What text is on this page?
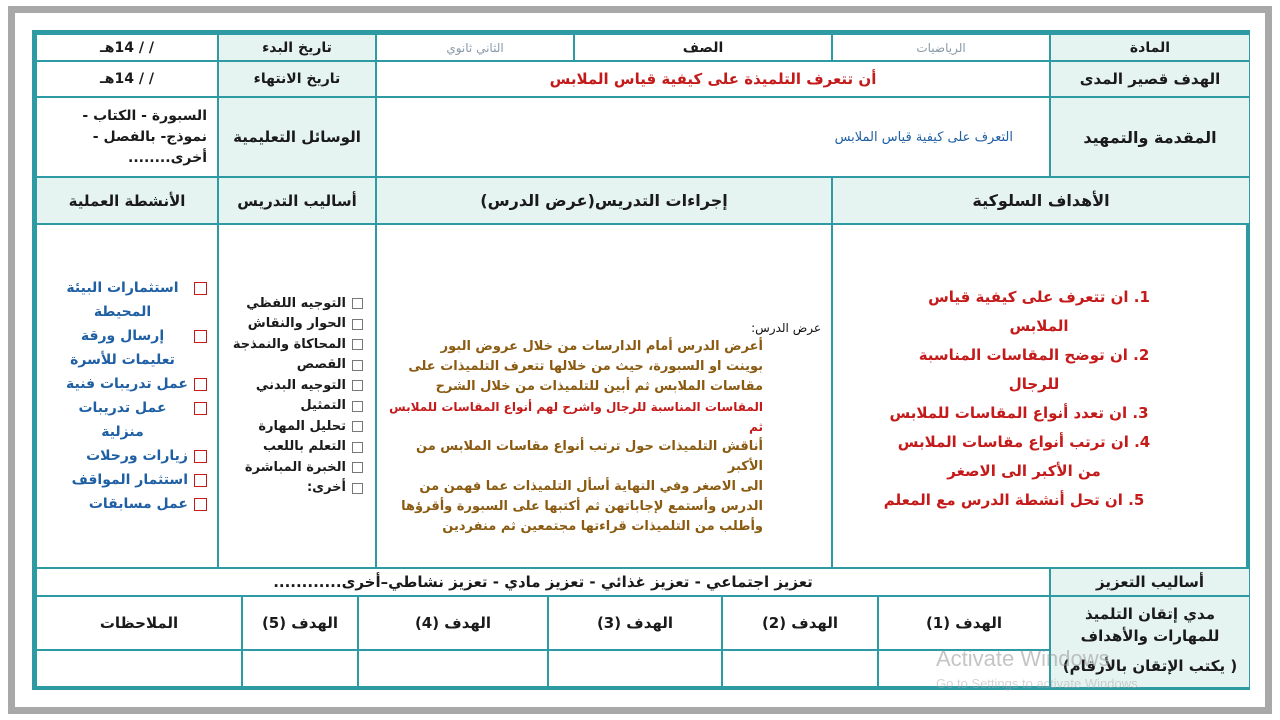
المادة
الرياضيات
الصف
الثاني ثانوي
تاريخ البدء
/ / 14هـ
الهدف قصير المدى
أن تتعرف التلميذة على كيفية قياس الملابس
تاريخ الانتهاء
/ / 14هـ
المقدمة والتمهيد
التعرف على كيفية قياس الملابس
الوسائل التعليمية
السبورة - الكتاب - نموذج- بالفصل - أخرى........
الأهداف السلوكية
إجراءات التدريس(عرض الدرس)
أساليب التدريس
الأنشطة العملية
1. ان تتعرف على كيفية قياس الملابس
2. ان توضح المقاسات المناسبة للرجال
3. ان تعدد أنواع المقاسات للملابس
4. ان ترتب أنواع مقاسات الملابس من الأكبر الى الاصغر
5. ان تحل أنشطة الدرس مع المعلم
عرض الدرس:
أعرض الدرس أمام الدارسات من خلال عروض البور
بوينت او السبورة، حيث من خلالها تتعرف التلميذات على
مقاسات الملابس ثم أبين للتلميذات من خلال الشرح
المقاسات المناسبة للرجال واشرح لهم أنواع المقاسات للملابس ثم
أناقش التلميذات حول ترتب أنواع مقاسات الملابس من الأكبر
الى الاصغر وفي النهاية أسأل التلميذات عما فهمن من
الدرس وأستمع لإجاباتهن ثم أكتبها على السبورة وأقرؤها
وأطلب من التلميذات قراءتها مجتمعين ثم منفردين
التوجيه اللفظي
الحوار والنقاش
المحاكاة والنمذجة
القصص
التوجيه البدني
التمثيل
تحليل المهارة
التعلم باللعب
الخبرة المباشرة
أخرى:
استثمارات البيئة المحيطة
إرسال ورقة تعليمات للأسرة
عمل تدريبات فنية
عمل تدريبات منزلية
زيارات ورحلات
استثمار المواقف
عمل مسابقات
أساليب التعزيز
تعزيز اجتماعي - تعزيز غذائي - تعزيز مادي - تعزيز نشاطي–أخرى............
مدي إتقان التلميذ للمهارات والأهداف
( يكتب الإتقان بالأرقام)
الهدف (1)
الهدف (2)
الهدف (3)
الهدف (4)
الهدف (5)
الملاحظات
Activate Windows
Go to Settings to activate Windows.
